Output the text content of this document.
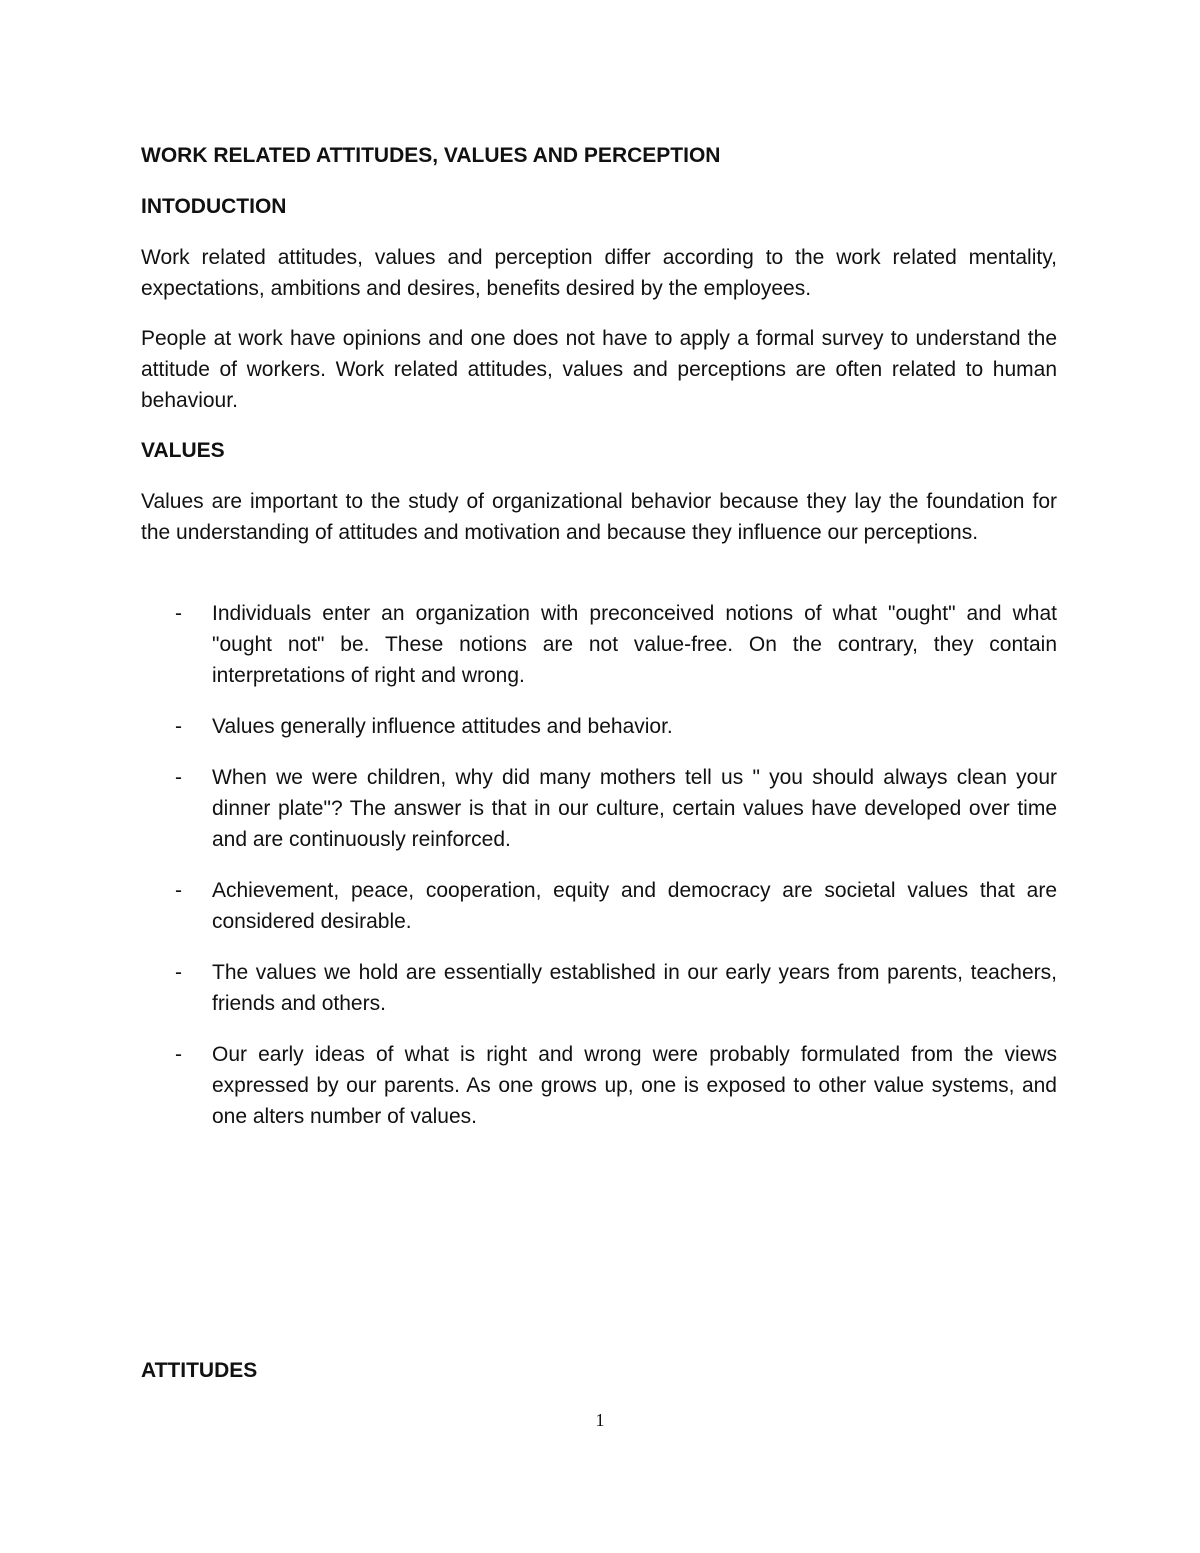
WORK RELATED ATTITUDES, VALUES AND PERCEPTION
INTODUCTION

Work related attitudes, values and perception differ according to the work related mentality, expectations, ambitions and desires, benefits desired by the employees.

People at work have opinions and one does not have to apply a formal survey to understand the attitude of workers. Work related attitudes, values and perceptions are often related to human behaviour.

VALUES

Values are important to the study of organizational behavior because they lay the foundation for the understanding of attitudes and motivation and because they influence our perceptions.

- Individuals enter an organization with preconceived notions of what "ought" and what "ought not" be. These notions are not value-free. On the contrary, they contain interpretations of right and wrong.
- Values generally influence attitudes and behavior.
- When we were children, why did many mothers tell us " you should always clean your dinner plate"? The answer is that in our culture, certain values have developed over time and are continuously reinforced.
- Achievement, peace, cooperation, equity and democracy are societal values that are considered desirable.
- The values we hold are essentially established in our early years from parents, teachers, friends and others.
- Our early ideas of what is right and wrong were probably formulated from the views expressed by our parents. As one grows up, one is exposed to other value systems, and one alters number of values.
ATTITUDES
1
